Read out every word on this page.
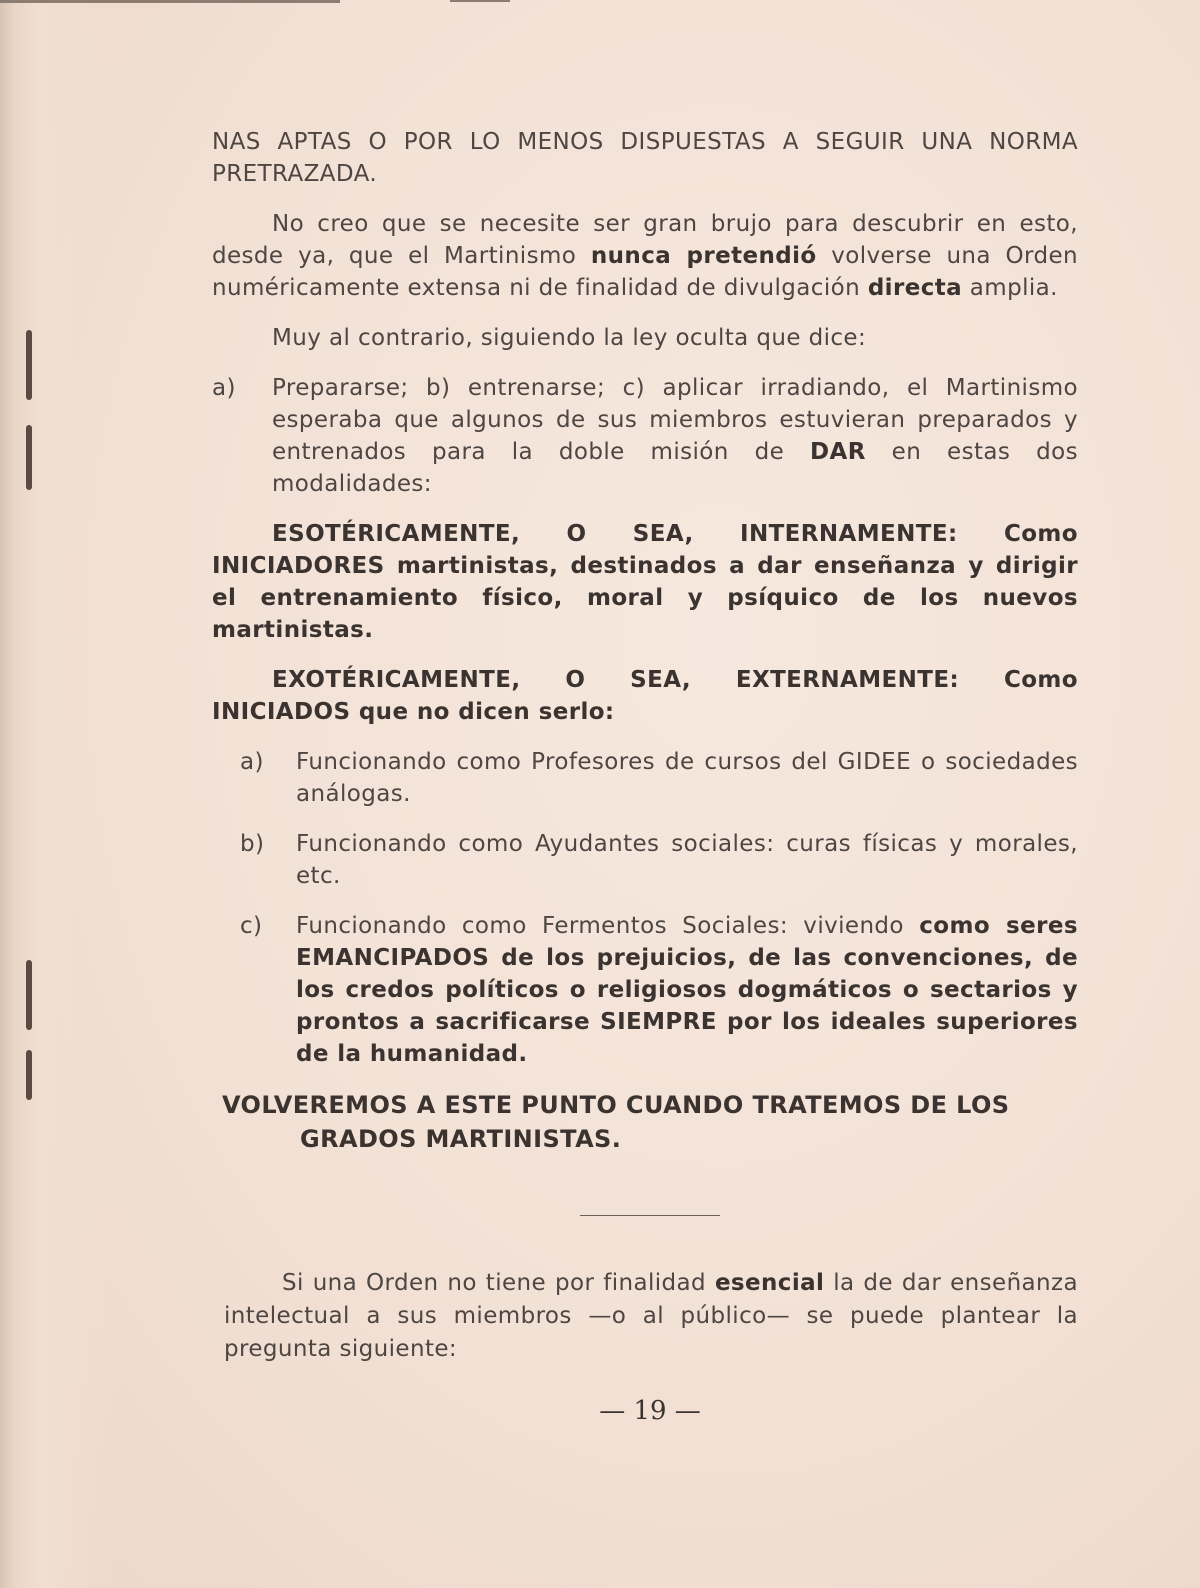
NAS APTAS O POR LO MENOS DISPUESTAS A SEGUIR UNA NORMA PRETRAZADA.

No creo que se necesite ser gran brujo para descubrir en esto, desde ya, que el Martinismo nunca pretendió volverse una Orden numéricamente extensa ni de finalidad de divulgación directa amplia.

Muy al contrario, siguiendo la ley oculta que dice:

a)	Prepararse; b) entrenarse; c) aplicar irradiando, el Martinismo esperaba que algunos de sus miembros estuvieran preparados y entrenados para la doble misión de DAR en estas dos modalidades:

ESOTÉRICAMENTE, O SEA, INTERNAMENTE: Como INICIADORES martinistas, destinados a dar enseñanza y dirigir el entrenamiento físico, moral y psíquico de los nuevos martinistas.

EXOTÉRICAMENTE, O SEA, EXTERNAMENTE: Como INICIADOS que no dicen serlo:

a)	Funcionando como Profesores de cursos del GIDEE o sociedades análogas.
b)	Funcionando como Ayudantes sociales: curas físicas y morales, etc.
c)	Funcionando como Fermentos Sociales: viviendo como seres EMANCIPADOS de los prejuicios, de las convenciones, de los credos políticos o religiosos dogmáticos o sectarios y prontos a sacrificarse SIEMPRE por los ideales superiores de la humanidad.
VOLVEREMOS A ESTE PUNTO CUANDO TRATEMOS DE LOS
GRADOS MARTINISTAS.

Si una Orden no tiene por finalidad esencial la de dar enseñanza intelectual a sus miembros —o al público— se puede plantear la pregunta siguiente:

— 19 —
